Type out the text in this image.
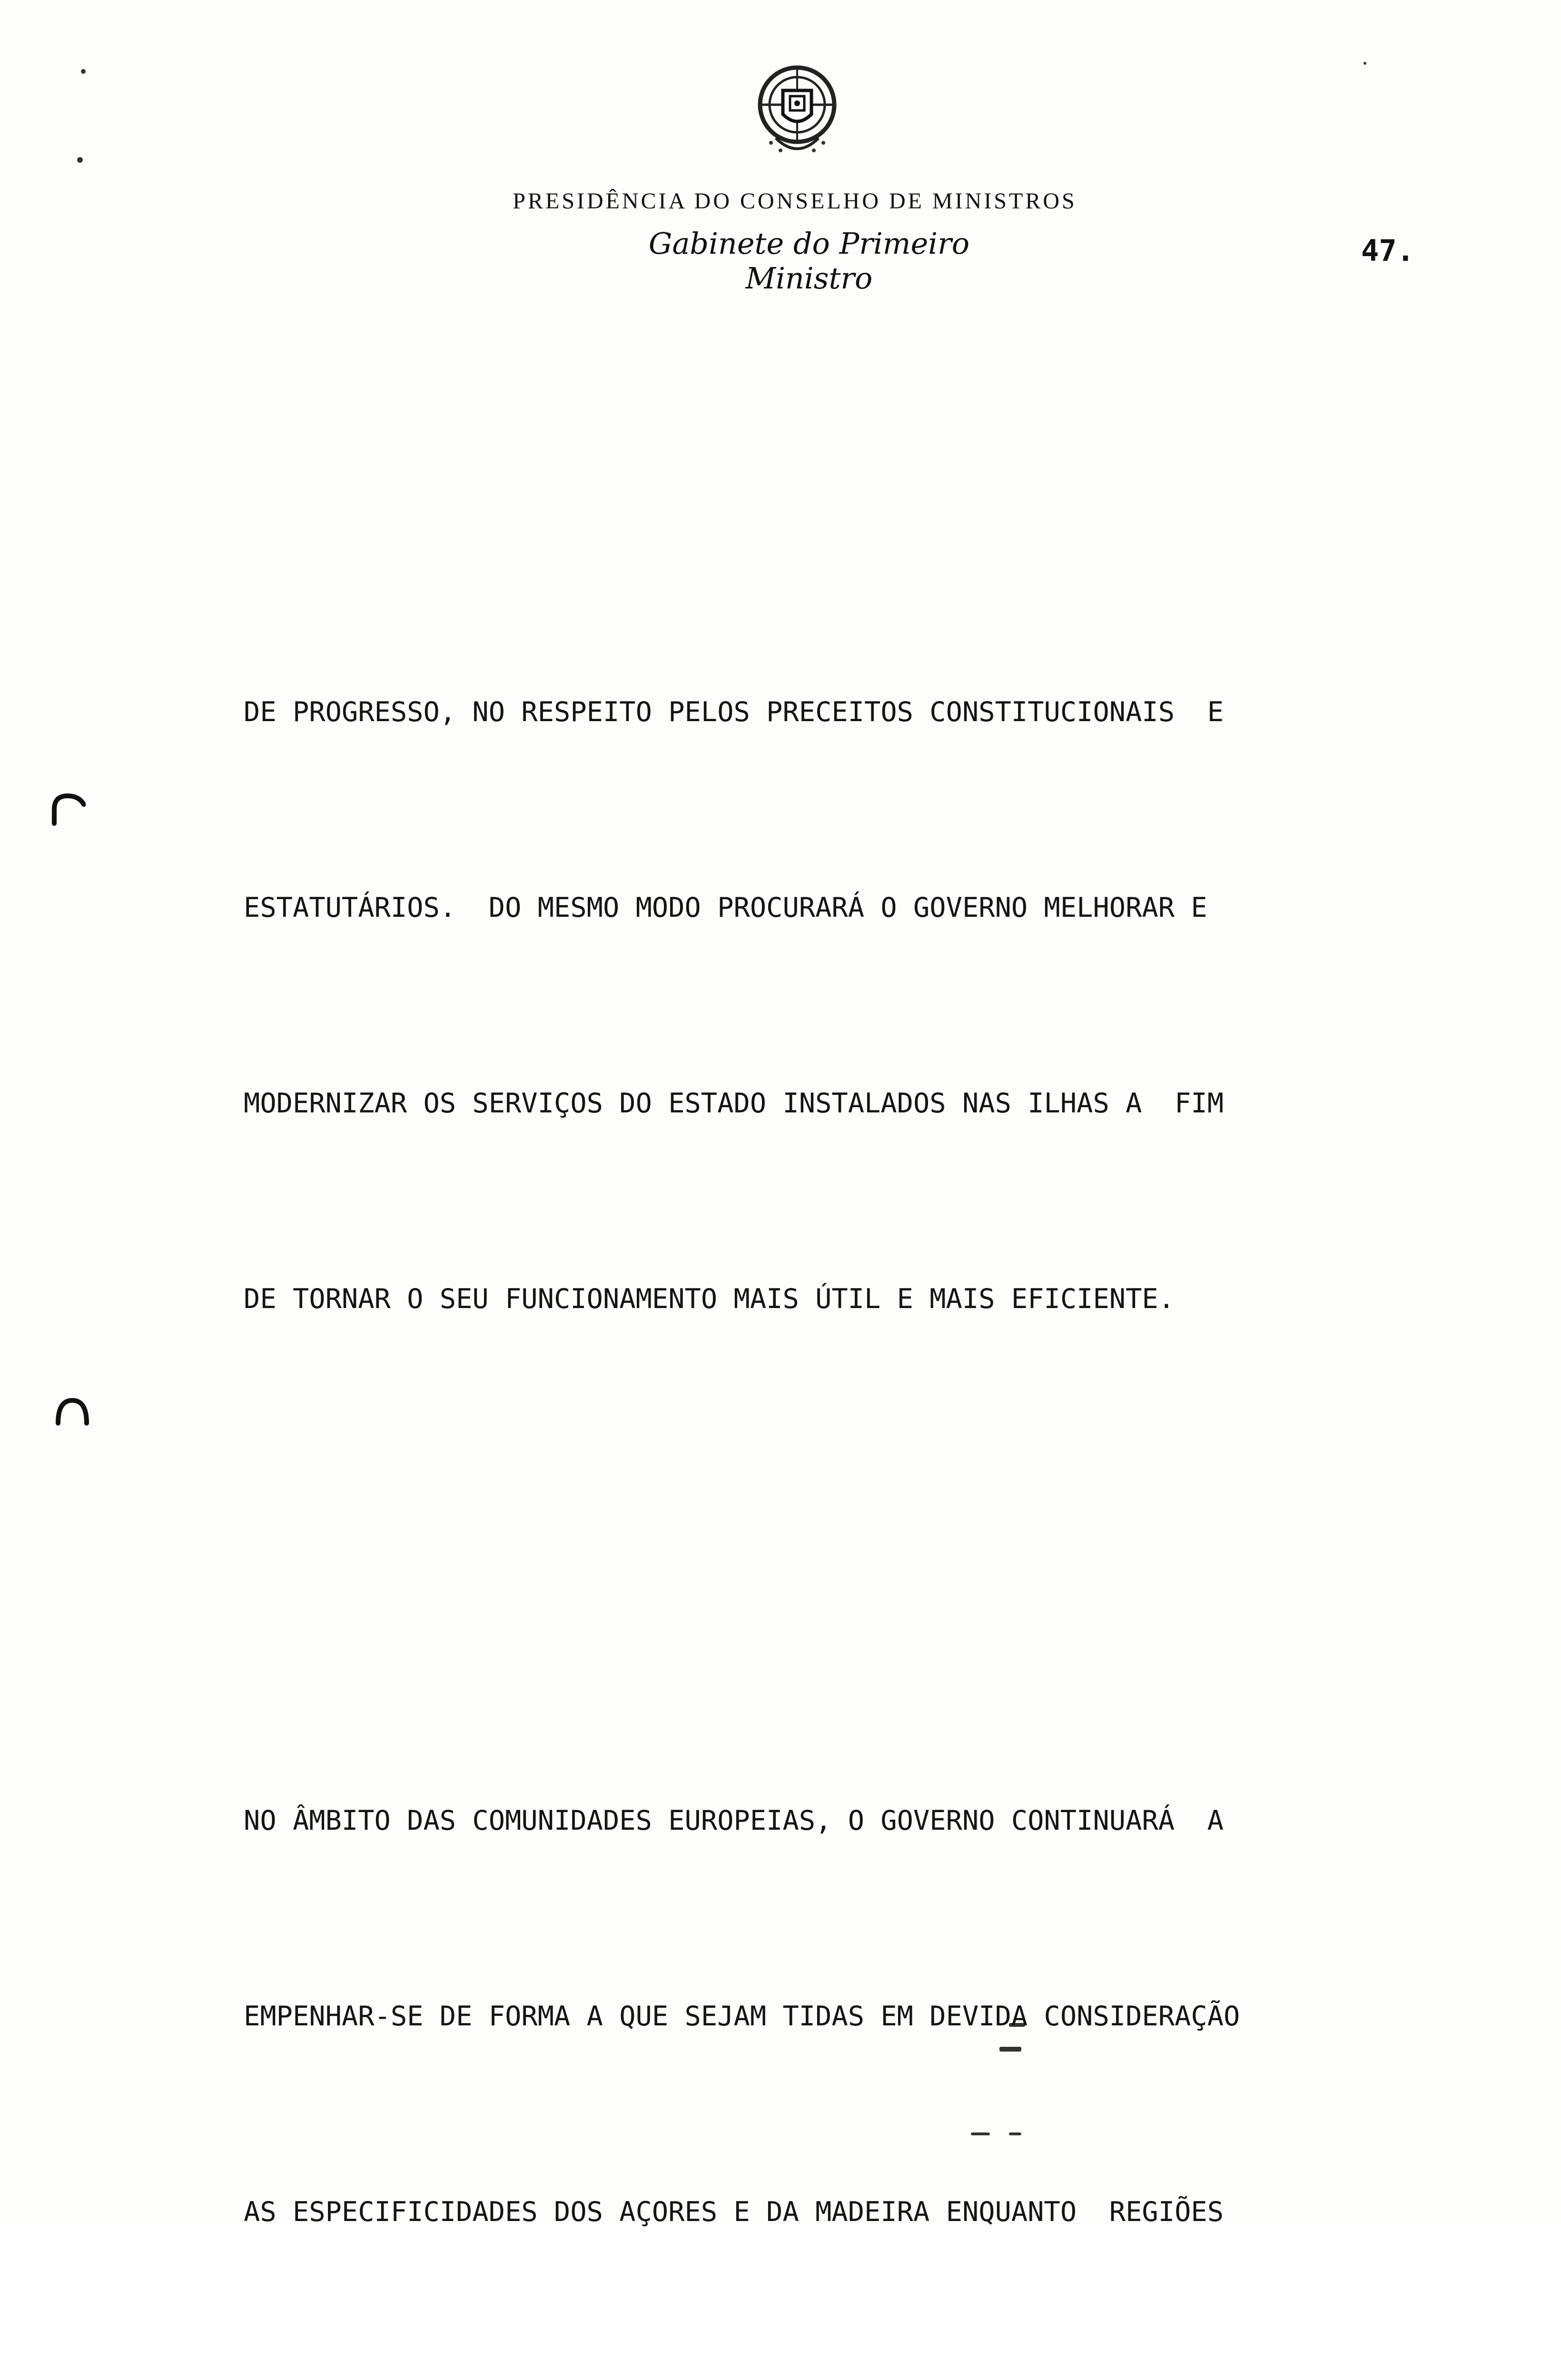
PRESIDÊNCIA DO CONSELHO DE MINISTROS
Gabinete do Primeiro Ministro
47.

DE PROGRESSO, NO RESPEITO PELOS PRECEITOS CONSTITUCIONAIS  E

ESTATUTÁRIOS.  DO MESMO MODO PROCURARÁ O GOVERNO MELHORAR E

MODERNIZAR OS SERVIÇOS DO ESTADO INSTALADOS NAS ILHAS A  FIM

DE TORNAR O SEU FUNCIONAMENTO MAIS ÚTIL E MAIS EFICIENTE.

NO ÂMBITO DAS COMUNIDADES EUROPEIAS, O GOVERNO CONTINUARÁ  A

EMPENHAR-SE DE FORMA A QUE SEJAM TIDAS EM DEVIDA CONSIDERAÇÃO

AS ESPECIFICIDADES DOS AÇORES E DA MADEIRA ENQUANTO  REGIÕES
